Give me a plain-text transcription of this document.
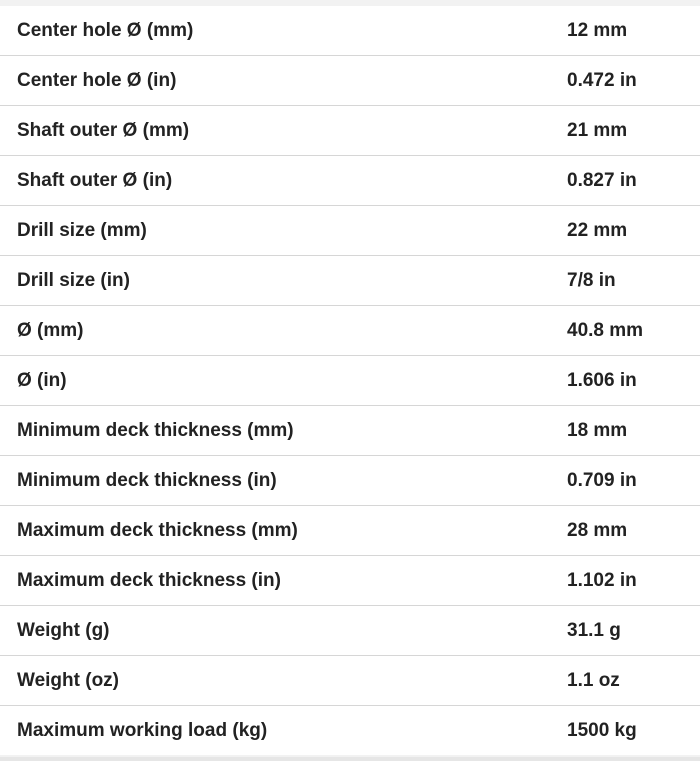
Center hole Ø (mm)	12 mm
Center hole Ø (in)	0.472 in
Shaft outer Ø (mm)	21 mm
Shaft outer Ø (in)	0.827 in
Drill size (mm)	22 mm
Drill size (in)	7/8 in
Ø (mm)	40.8 mm
Ø (in)	1.606 in
Minimum deck thickness (mm)	18 mm
Minimum deck thickness (in)	0.709 in
Maximum deck thickness (mm)	28 mm
Maximum deck thickness (in)	1.102 in
Weight (g)	31.1 g
Weight (oz)	1.1 oz
Maximum working load (kg)	1500 kg
